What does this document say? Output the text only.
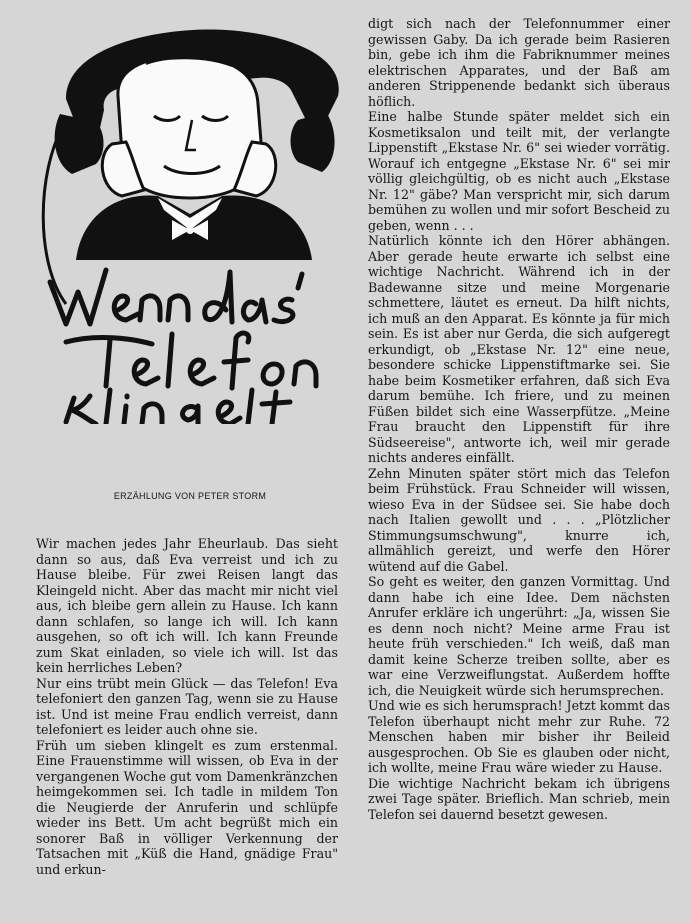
ERZÄHLUNG VON PETER STORM

Wir machen jedes Jahr Eheurlaub. Das sieht dann so aus, daß Eva verreist und ich zu Hause bleibe. Für zwei Reisen langt das Kleingeld nicht. Aber das macht mir nicht viel aus, ich bleibe gern allein zu Hause. Ich kann dann schlafen, so lange ich will. Ich kann ausgehen, so oft ich will. Ich kann Freunde zum Skat einladen, so viele ich will. Ist das kein herrliches Leben?

Nur eins trübt mein Glück — das Telefon! Eva telefoniert den ganzen Tag, wenn sie zu Hause ist. Und ist meine Frau endlich verreist, dann telefoniert es leider auch ohne sie.

Früh um sieben klingelt es zum erstenmal. Eine Frauenstimme will wissen, ob Eva in der vergangenen Woche gut vom Damenkränzchen heimgekommen sei. Ich tadle in mildem Ton die Neugierde der Anruferin und schlüpfe wieder ins Bett. Um acht begrüßt mich ein sonorer Baß in völliger Verkennung der Tatsachen mit „Küß die Hand, gnädige Frau" und erkun-

digt sich nach der Telefonnummer einer gewissen Gaby. Da ich gerade beim Rasieren bin, gebe ich ihm die Fabriknummer meines elektrischen Apparates, und der Baß am anderen Strippenende bedankt sich überaus höflich.

Eine halbe Stunde später meldet sich ein Kosmetiksalon und teilt mit, der verlangte Lippenstift „Ekstase Nr. 6" sei wieder vorrätig. Worauf ich entgegne „Ekstase Nr. 6" sei mir völlig gleichgültig, ob es nicht auch „Ekstase Nr. 12" gäbe? Man verspricht mir, sich darum bemühen zu wollen und mir sofort Bescheid zu geben, wenn . . .

Natürlich könnte ich den Hörer abhängen. Aber gerade heute erwarte ich selbst eine wichtige Nachricht. Während ich in der Badewanne sitze und meine Morgenarie schmettere, läutet es erneut. Da hilft nichts, ich muß an den Apparat. Es könnte ja für mich sein. Es ist aber nur Gerda, die sich aufgeregt erkundigt, ob „Ekstase Nr. 12" eine neue, besondere schicke Lippenstiftmarke sei. Sie habe beim Kosmetiker erfahren, daß sich Eva darum bemühe. Ich friere, und zu meinen Füßen bildet sich eine Wasserpfütze. „Meine Frau braucht den Lippenstift für ihre Südseereise", antworte ich, weil mir gerade nichts anderes einfällt.

Zehn Minuten später stört mich das Telefon beim Frühstück. Frau Schneider will wissen, wieso Eva in der Südsee sei. Sie habe doch nach Italien gewollt und . . . „Plötzlicher Stimmungsumschwung", knurre ich, allmählich gereizt, und werfe den Hörer wütend auf die Gabel.

So geht es weiter, den ganzen Vormittag. Und dann habe ich eine Idee. Dem nächsten Anrufer erkläre ich ungerührt: „Ja, wissen Sie es denn noch nicht? Meine arme Frau ist heute früh verschieden." Ich weiß, daß man damit keine Scherze treiben sollte, aber es war eine Verzweiflungstat. Außerdem hoffte ich, die Neuigkeit würde sich herumsprechen.

Und wie es sich herumsprach! Jetzt kommt das Telefon überhaupt nicht mehr zur Ruhe. 72 Menschen haben mir bisher ihr Beileid ausgesprochen. Ob Sie es glauben oder nicht, ich wollte, meine Frau wäre wieder zu Hause.

Die wichtige Nachricht bekam ich übrigens zwei Tage später. Brieflich. Man schrieb, mein Telefon sei dauernd besetzt gewesen.
